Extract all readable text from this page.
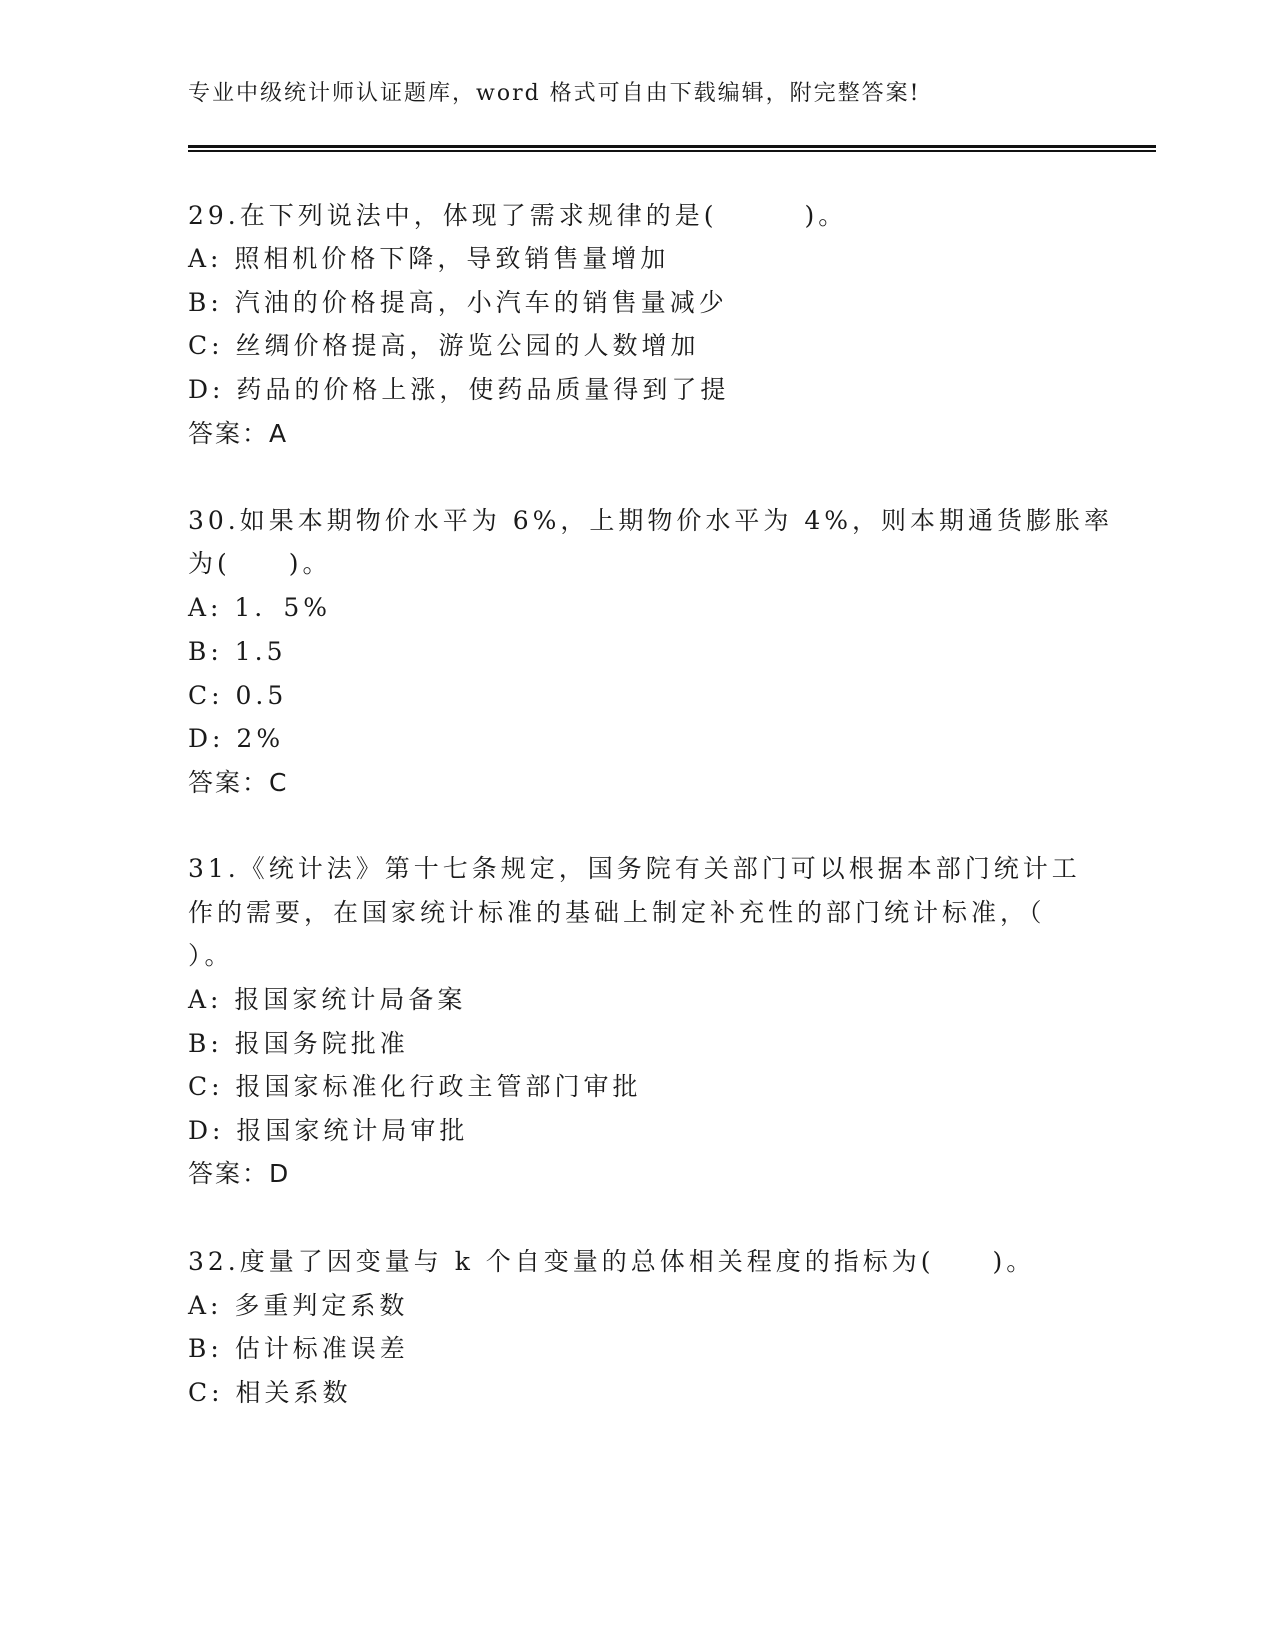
专业中级统计师认证题库，word 格式可自由下载编辑，附完整答案!
29.在下列说法中，体现了需求规律的是(　　　)。
A: 照相机价格下降，导致销售量增加
B: 汽油的价格提高，小汽车的销售量减少
C: 丝绸价格提高，游览公园的人数增加
D: 药品的价格上涨，使药品质量得到了提
答案：A
30.如果本期物价水平为 6%，上期物价水平为 4%，则本期通货膨胀率
为(　　)。
A: 1．5%
B: 1.5
C: 0.5
D: 2%
答案：C
31.《统计法》第十七条规定，国务院有关部门可以根据本部门统计工
作的需要，在国家统计标准的基础上制定补充性的部门统计标准，（
）。
A: 报国家统计局备案
B: 报国务院批准
C: 报国家标准化行政主管部门审批
D: 报国家统计局审批
答案：D
32.度量了因变量与 k 个自变量的总体相关程度的指标为(　　)。
A: 多重判定系数
B: 估计标准误差
C: 相关系数
